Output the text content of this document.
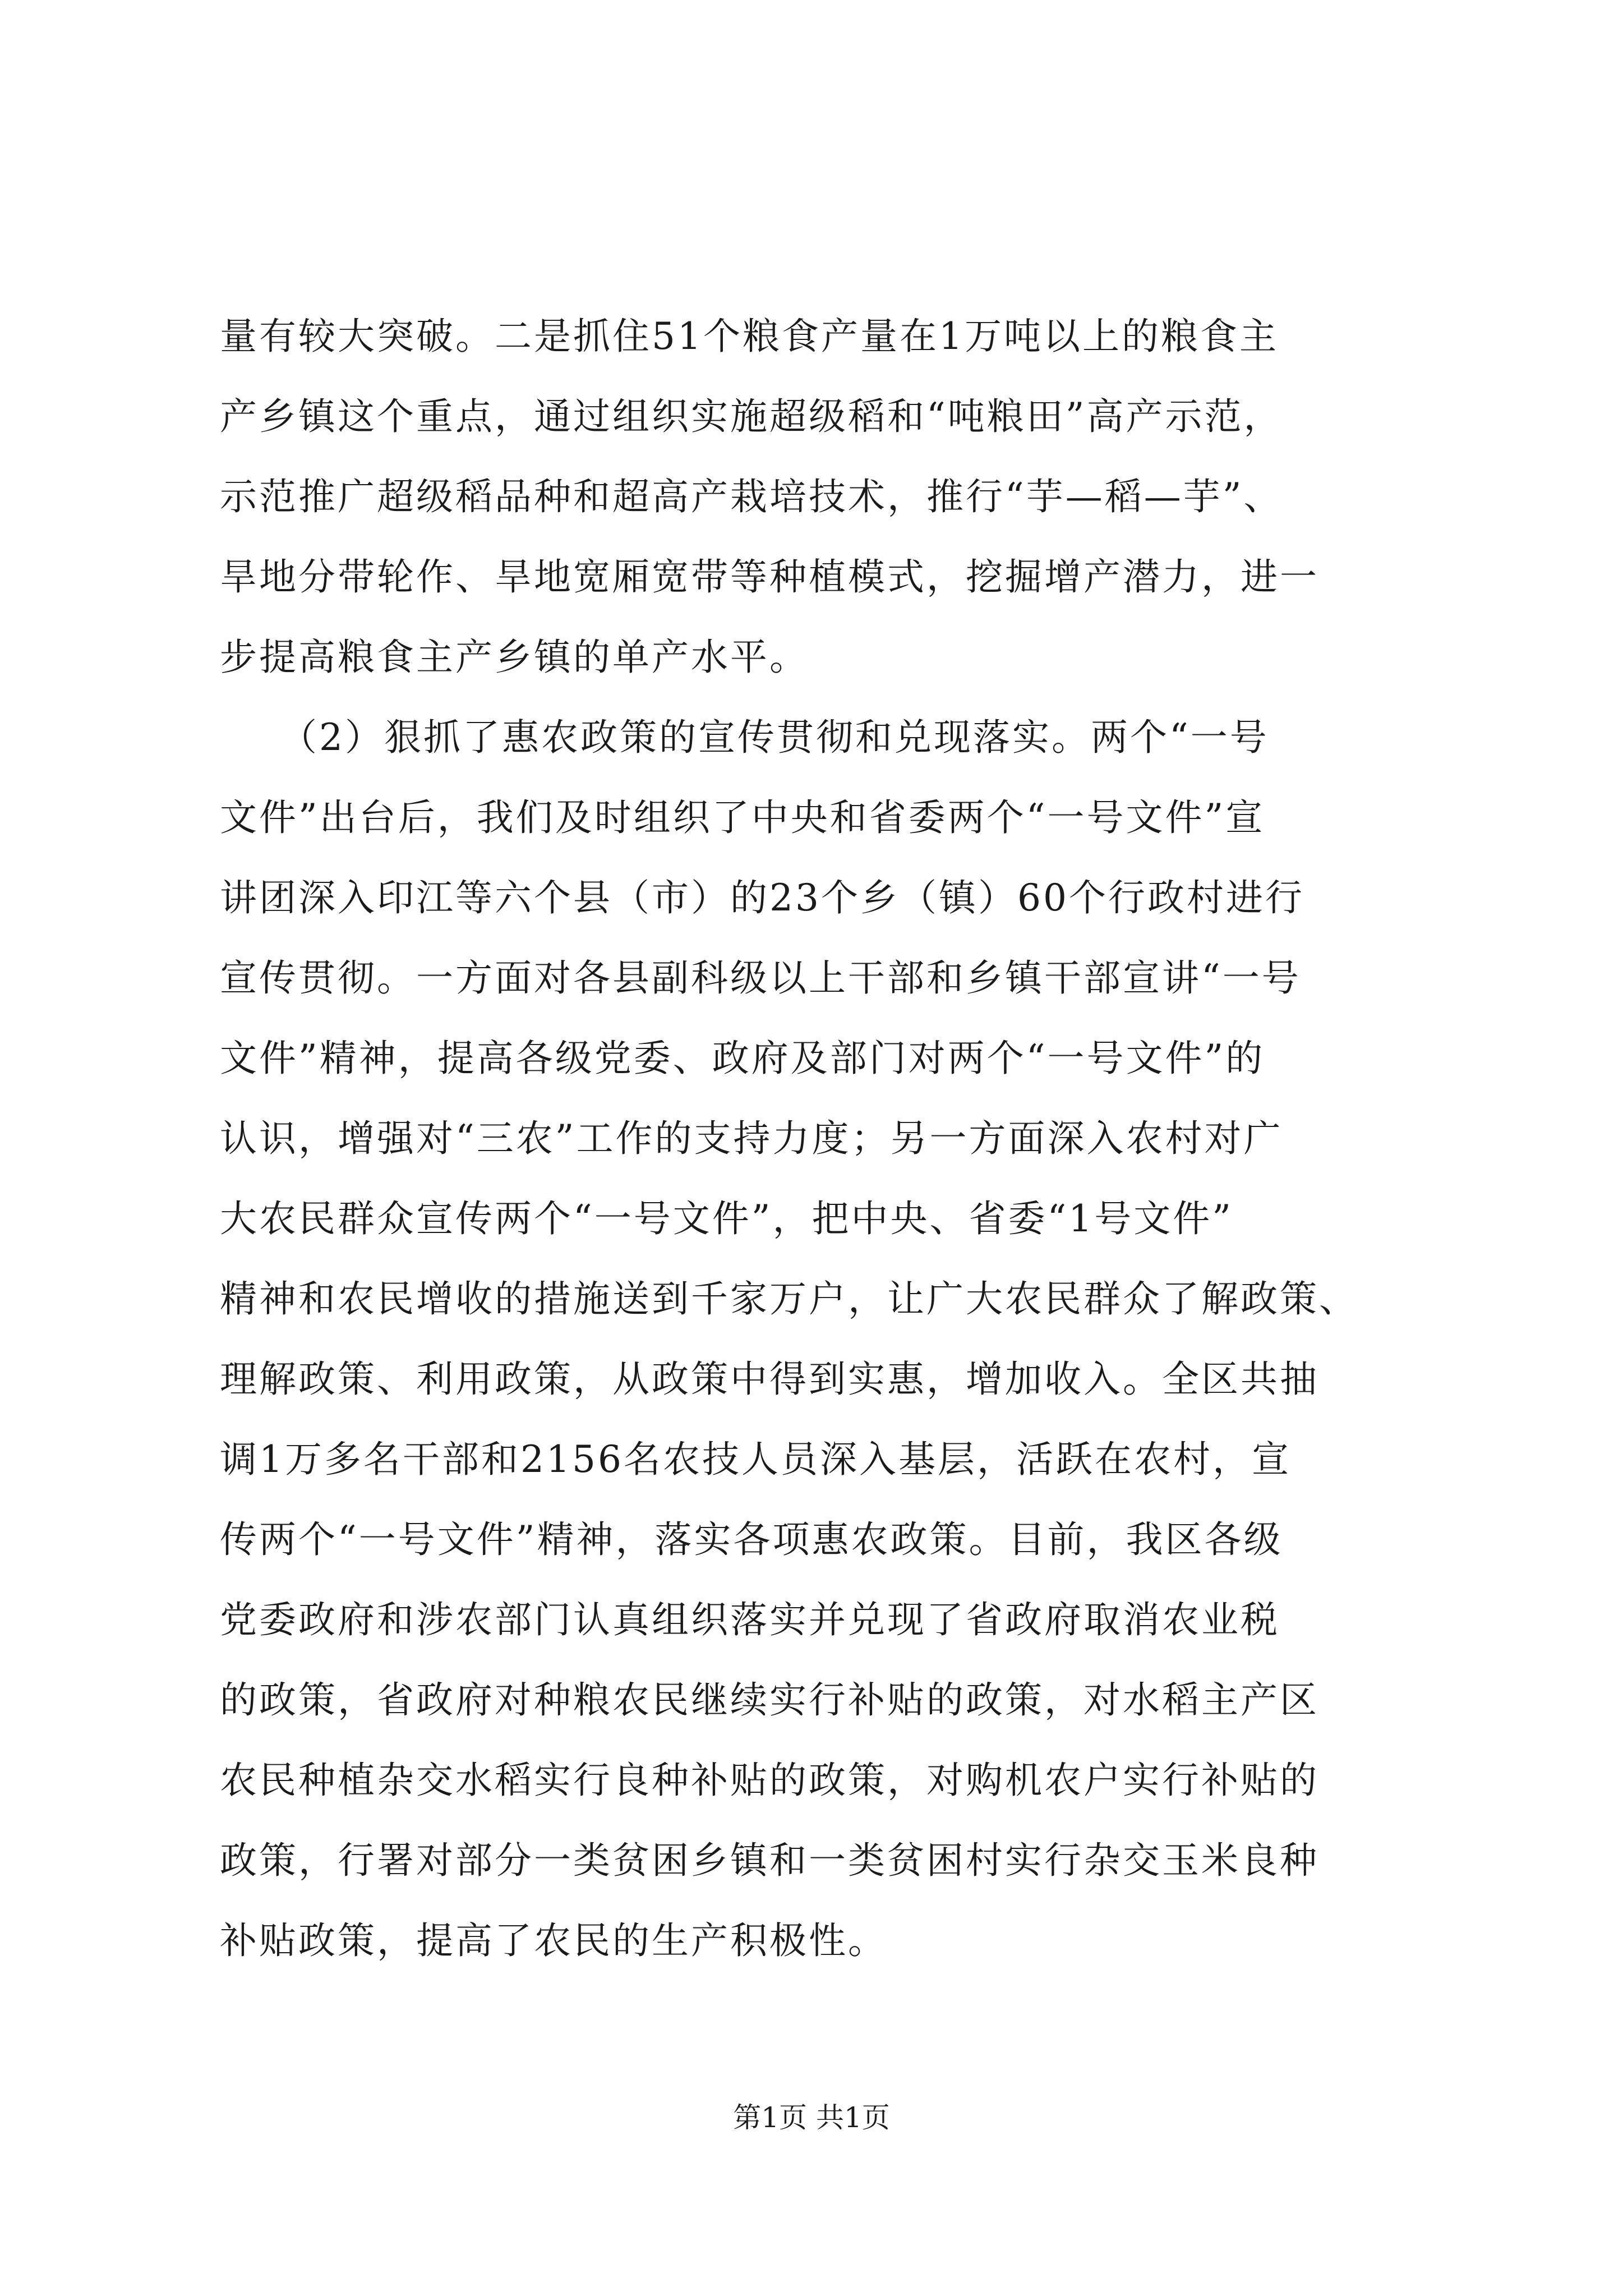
量有较大突破。二是抓住51个粮食产量在1万吨以上的粮食主
产乡镇这个重点，通过组织实施超级稻和“吨粮田”高产示范，
示范推广超级稻品种和超高产栽培技术，推行“芋—稻—芋”、
旱地分带轮作、旱地宽厢宽带等种植模式，挖掘增产潜力，进一
步提高粮食主产乡镇的单产水平。
　　（2）狠抓了惠农政策的宣传贯彻和兑现落实。两个“一号
文件”出台后，我们及时组织了中央和省委两个“一号文件”宣
讲团深入印江等六个县（市）的23个乡（镇）60个行政村进行
宣传贯彻。一方面对各县副科级以上干部和乡镇干部宣讲“一号
文件”精神，提高各级党委、政府及部门对两个“一号文件”的
认识，增强对“三农”工作的支持力度；另一方面深入农村对广
大农民群众宣传两个“一号文件”，把中央、省委“1号文件”
精神和农民增收的措施送到千家万户，让广大农民群众了解政策、
理解政策、利用政策，从政策中得到实惠，增加收入。全区共抽
调1万多名干部和2156名农技人员深入基层，活跃在农村，宣
传两个“一号文件”精神，落实各项惠农政策。目前，我区各级
党委政府和涉农部门认真组织落实并兑现了省政府取消农业税
的政策，省政府对种粮农民继续实行补贴的政策，对水稻主产区
农民种植杂交水稻实行良种补贴的政策，对购机农户实行补贴的
政策，行署对部分一类贫困乡镇和一类贫困村实行杂交玉米良种
补贴政策，提高了农民的生产积极性。
第1页 共1页
